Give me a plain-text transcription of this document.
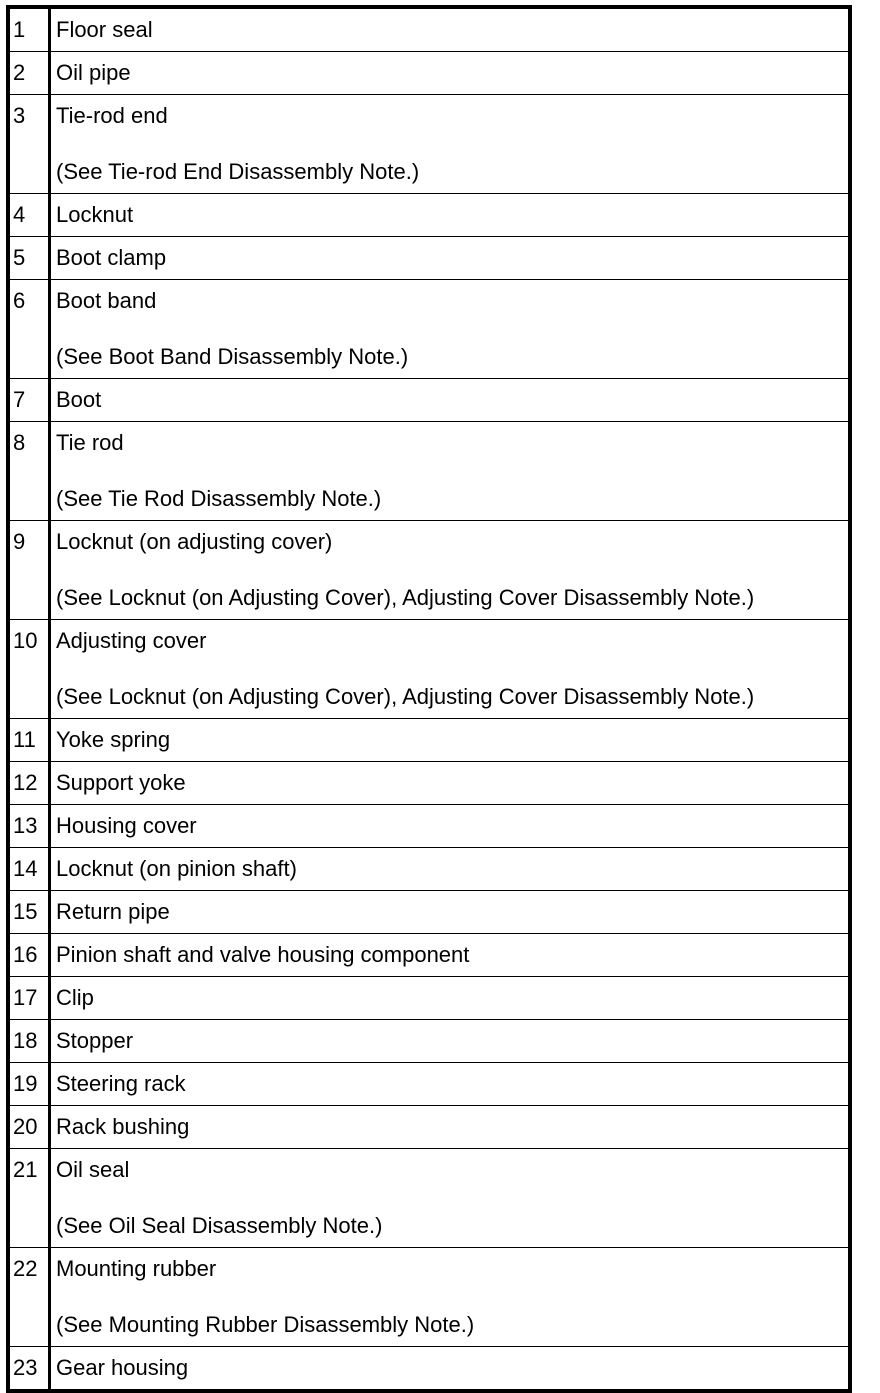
1	Floor seal

2	Oil pipe

3	Tie-rod end
(See Tie-rod End Disassembly Note.)

4	Locknut

5	Boot clamp

6	Boot band
(See Boot Band Disassembly Note.)

7	Boot

8	Tie rod
(See Tie Rod Disassembly Note.)

9	Locknut (on adjusting cover)
(See Locknut (on Adjusting Cover), Adjusting Cover Disassembly Note.)

10	Adjusting cover
(See Locknut (on Adjusting Cover), Adjusting Cover Disassembly Note.)

11	Yoke spring

12	Support yoke

13	Housing cover

14	Locknut (on pinion shaft)

15	Return pipe

16	Pinion shaft and valve housing component

17	Clip

18	Stopper

19	Steering rack

20	Rack bushing

21	Oil seal
(See Oil Seal Disassembly Note.)

22	Mounting rubber
(See Mounting Rubber Disassembly Note.)

23	Gear housing
